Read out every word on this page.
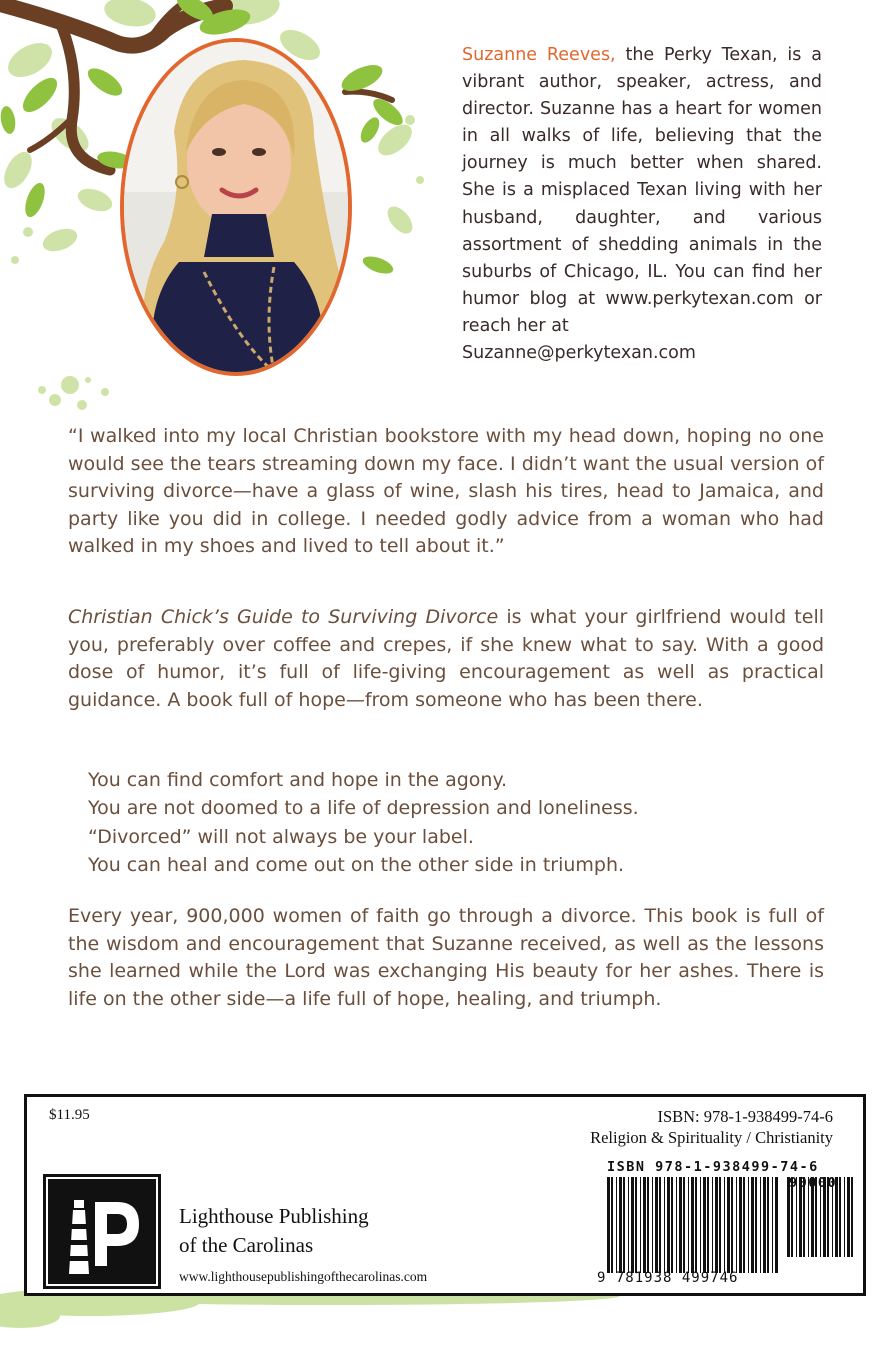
Suzanne Reeves, the Perky Texan, is a vibrant author, speaker, actress, and director. Suzanne has a heart for women in all walks of life, believing that the journey is much better when shared. She is a misplaced Texan living with her husband, daughter, and various assortment of shedding animals in the suburbs of Chicago, IL. You can find her humor blog at www.perkytexan.com or reach her at
Suzanne@perkytexan.com

“I walked into my local Christian bookstore with my head down, hoping no one would see the tears streaming down my face. I didn’t want the usual version of surviving divorce—have a glass of wine, slash his tires, head to Jamaica, and party like you did in college. I needed godly advice from a woman who had walked in my shoes and lived to tell about it.”

Christian Chick’s Guide to Surviving Divorce is what your girlfriend would tell you, preferably over coffee and crepes, if she knew what to say. With a good dose of humor, it’s full of life-giving encouragement as well as practical guidance. A book full of hope—from someone who has been there.

You can find comfort and hope in the agony.
You are not doomed to a life of depression and loneliness.
“Divorced” will not always be your label.
You can heal and come out on the other side in triumph.

Every year, 900,000 women of faith go through a divorce. This book is full of the wisdom and encouragement that Suzanne received, as well as the lessons she learned while the Lord was exchanging His beauty for her ashes. There is life on the other side—a life full of hope, healing, and triumph.

$11.95	ISBN: 978-1-938499-74-6
Religion & Spirituality / Christianity
Lighthouse Publishing
of the Carolinas
www.lighthousepublishingofthecarolinas.com
ISBN 978-1-938499-74-6
9 781938 499746
